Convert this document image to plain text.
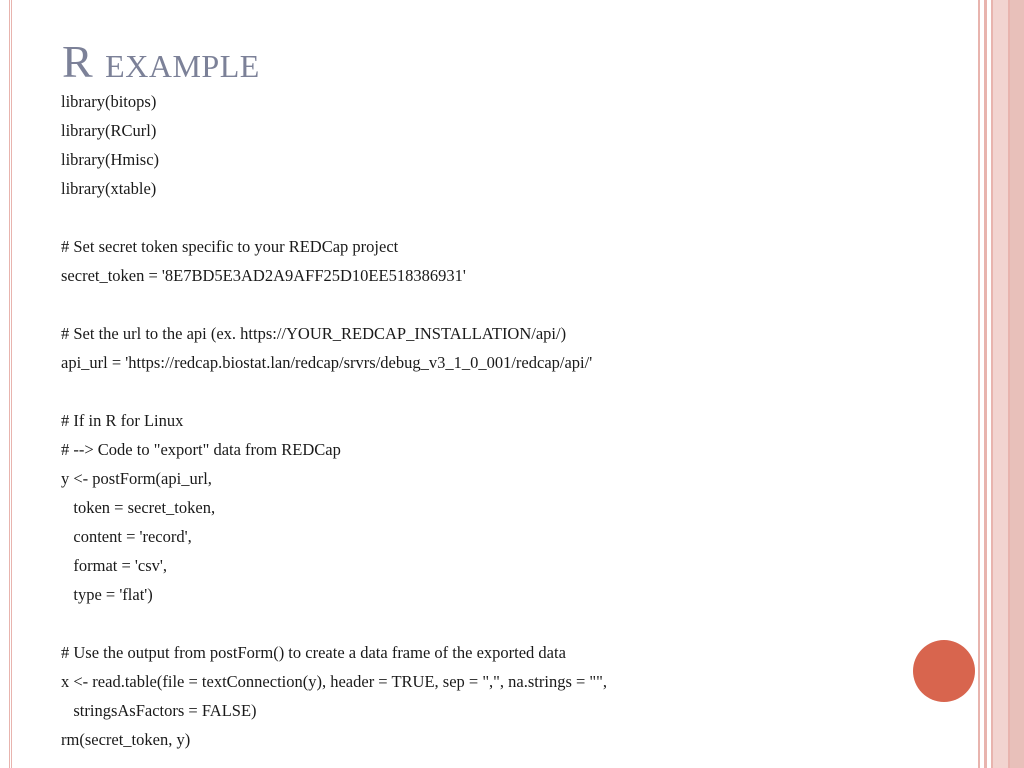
R example
library(bitops)
library(RCurl)
library(Hmisc)
library(xtable)
# Set secret token specific to your REDCap project
secret_token = '8E7BD5E3AD2A9AFF25D10EE518386931'
# Set the url to the api (ex. https://YOUR_REDCAP_INSTALLATION/api/)
api_url = 'https://redcap.biostat.lan/redcap/srvrs/debug_v3_1_0_001/redcap/api/'
# If in R for Linux
# --> Code to "export" data from REDCap
y <- postForm(api_url,
token = secret_token,
content = 'record',
format = 'csv',
type = 'flat')
# Use the output from postForm() to create a data frame of the exported data
x <- read.table(file = textConnection(y), header = TRUE, sep = ",", na.strings = "",
stringsAsFactors = FALSE)
rm(secret_token, y)
